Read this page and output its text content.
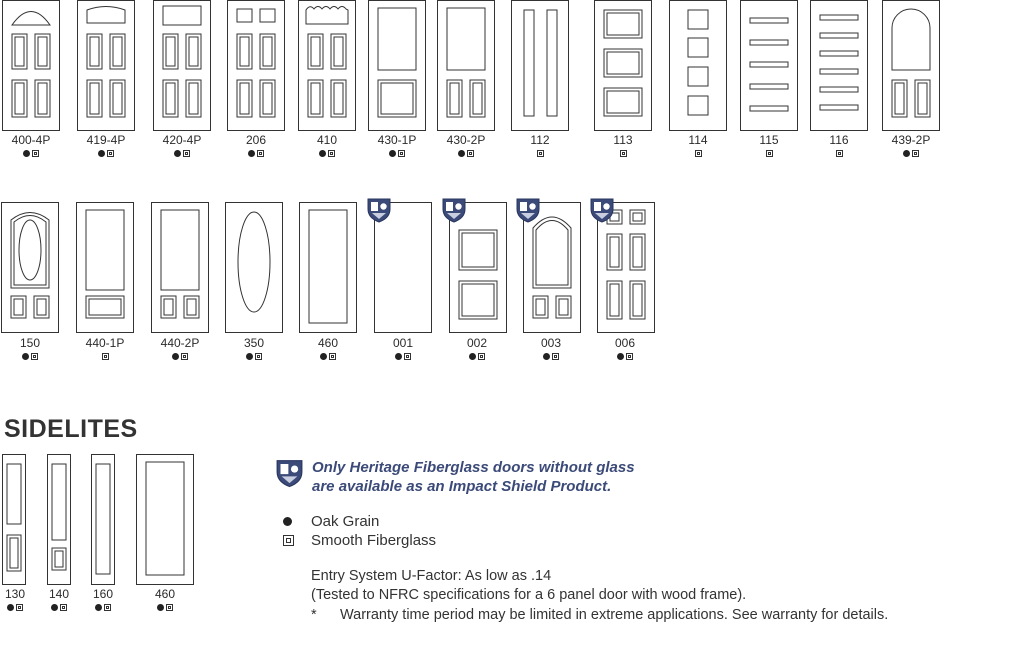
400-4P	419-4P	420-4P	206	410	430-1P	430-2P	112	113	114	115	116	439-2P
150	440-1P	440-2P	350	460	001	002	003	006
SIDELITES
130	140	160	460
Only Heritage Fiberglass doors without glass
are available as an Impact Shield Product.
Oak Grain
Smooth Fiberglass
Entry System U-Factor: As low as .14
(Tested to NFRC specifications for a 6 panel door with wood frame).
* Warranty time period may be limited in extreme applications. See warranty for details.
